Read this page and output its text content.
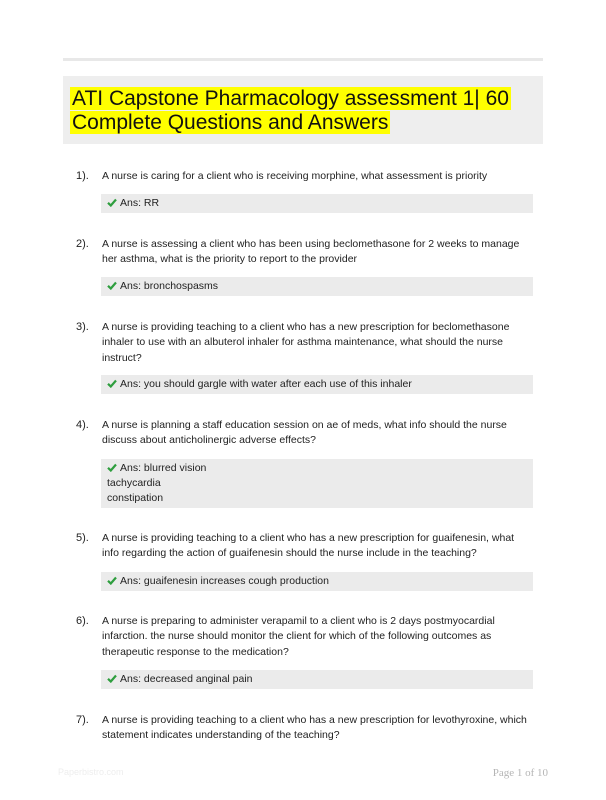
ATI Capstone Pharmacology assessment 1| 60 Complete Questions and Answers
1). A nurse is caring for a client who is receiving morphine, what assessment is priority
Ans: RR
2). A nurse is assessing a client who has been using beclomethasone for 2 weeks to manage her asthma, what is the priority to report to the provider
Ans: bronchospasms
3). A nurse is providing teaching to a client who has a new prescription for beclomethasone inhaler to use with an albuterol inhaler for asthma maintenance, what should the nurse instruct?
Ans: you should gargle with water after each use of this inhaler
4). A nurse is planning a staff education session on ae of meds, what info should the nurse discuss about anticholinergic adverse effects?
Ans: blurred vision
tachycardia
constipation
5). A nurse is providing teaching to a client who has a new prescription for guaifenesin, what info regarding the action of guaifenesin should the nurse include in the teaching?
Ans: guaifenesin increases cough production
6). A nurse is preparing to administer verapamil to a client who is 2 days postmyocardial infarction. the nurse should monitor the client for which of the following outcomes as therapeutic response to the medication?
Ans: decreased anginal pain
7). A nurse is providing teaching to a client who has a new prescription for levothyroxine, which statement indicates understanding of the teaching?
Paperbistro.com	Page 1 of 10
